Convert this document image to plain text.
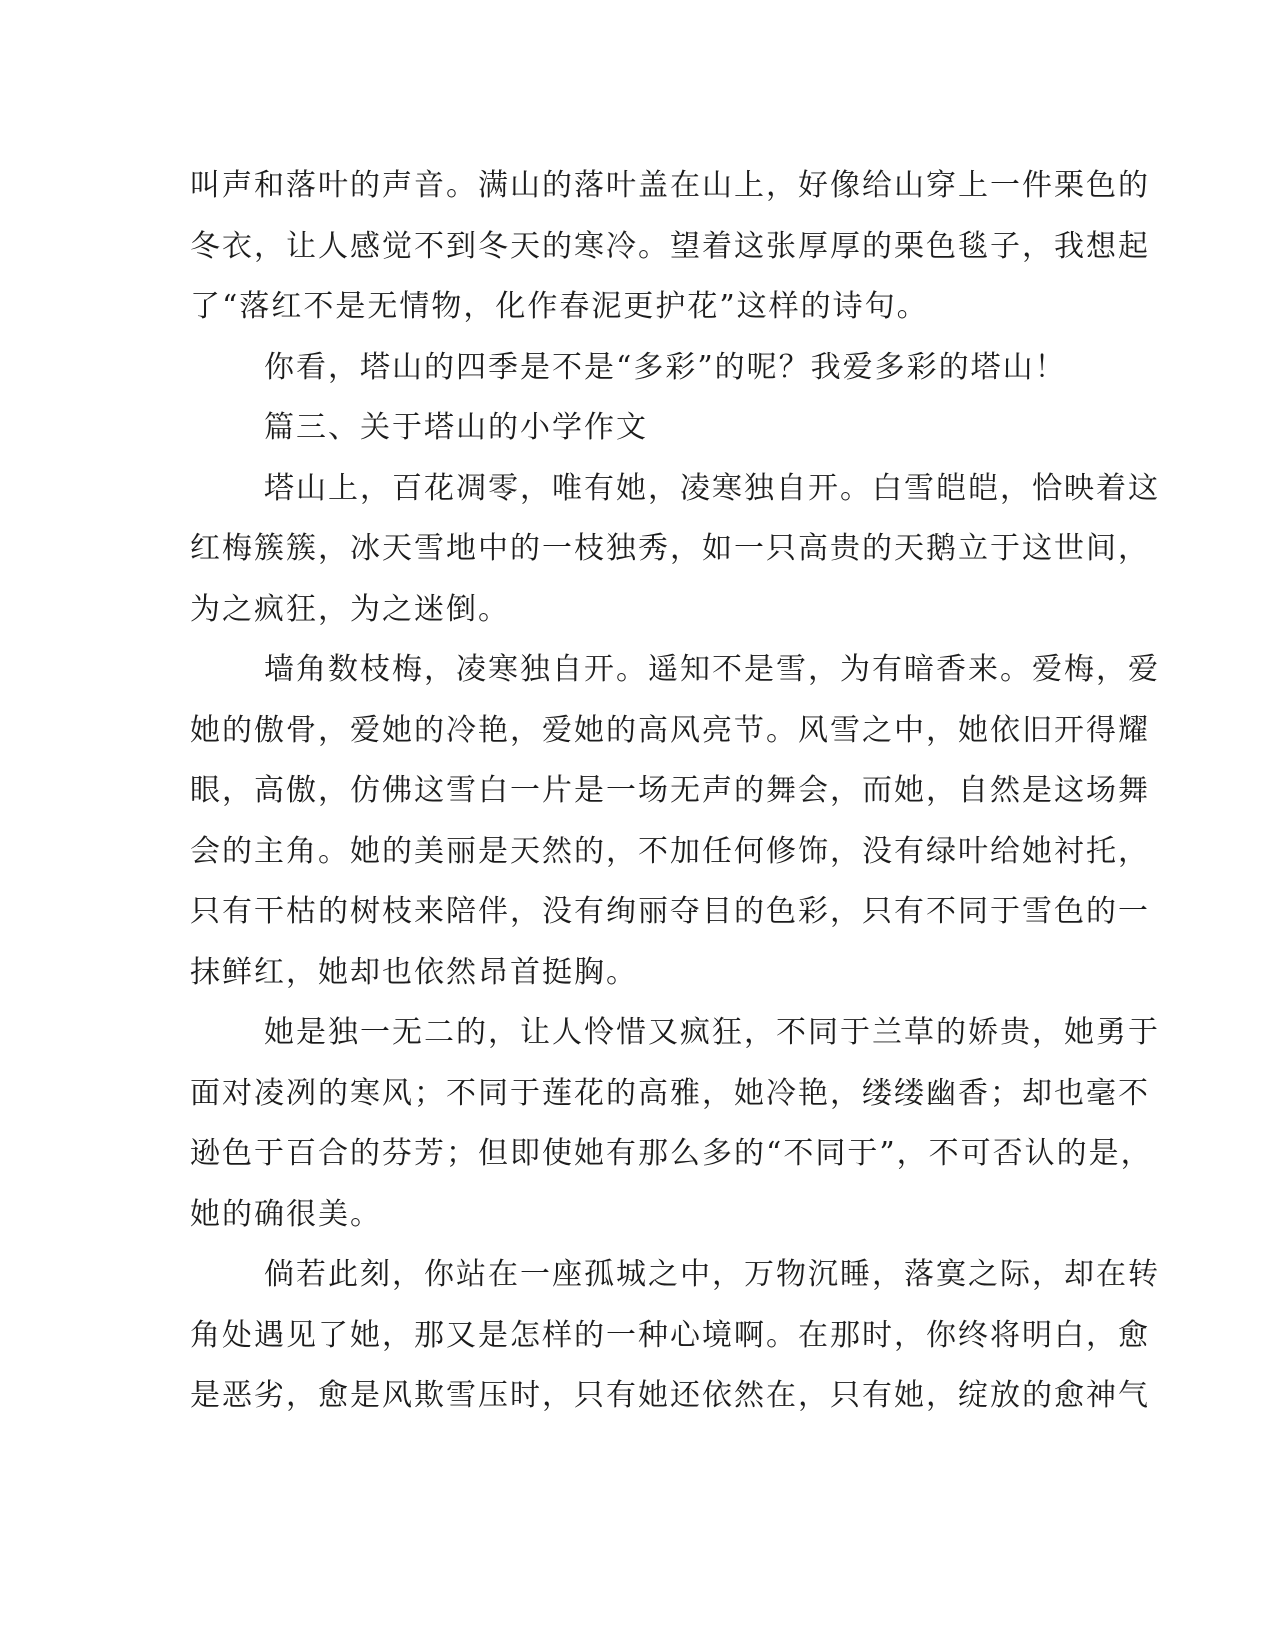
叫声和落叶的声音。满山的落叶盖在山上，好像给山穿上一件栗色的
冬衣，让人感觉不到冬天的寒冷。望着这张厚厚的栗色毯子，我想起
了“落红不是无情物，化作春泥更护花”这样的诗句。
你看，塔山的四季是不是“多彩”的呢？我爱多彩的塔山！
篇三、关于塔山的小学作文
塔山上，百花凋零，唯有她，凌寒独自开。白雪皑皑，恰映着这
红梅簇簇，冰天雪地中的一枝独秀，如一只高贵的天鹅立于这世间，
为之疯狂，为之迷倒。
墙角数枝梅，凌寒独自开。遥知不是雪，为有暗香来。爱梅，爱
她的傲骨，爱她的冷艳，爱她的高风亮节。风雪之中，她依旧开得耀
眼，高傲，仿佛这雪白一片是一场无声的舞会，而她，自然是这场舞
会的主角。她的美丽是天然的，不加任何修饰，没有绿叶给她衬托，
只有干枯的树枝来陪伴，没有绚丽夺目的色彩，只有不同于雪色的一
抹鲜红，她却也依然昂首挺胸。
她是独一无二的，让人怜惜又疯狂，不同于兰草的娇贵，她勇于
面对凌冽的寒风；不同于莲花的高雅，她冷艳，缕缕幽香；却也毫不
逊色于百合的芬芳；但即使她有那么多的“不同于”，不可否认的是，
她的确很美。
倘若此刻，你站在一座孤城之中，万物沉睡，落寞之际，却在转
角处遇见了她，那又是怎样的一种心境啊。在那时，你终将明白，愈
是恶劣，愈是风欺雪压时，只有她还依然在，只有她，绽放的愈神气
